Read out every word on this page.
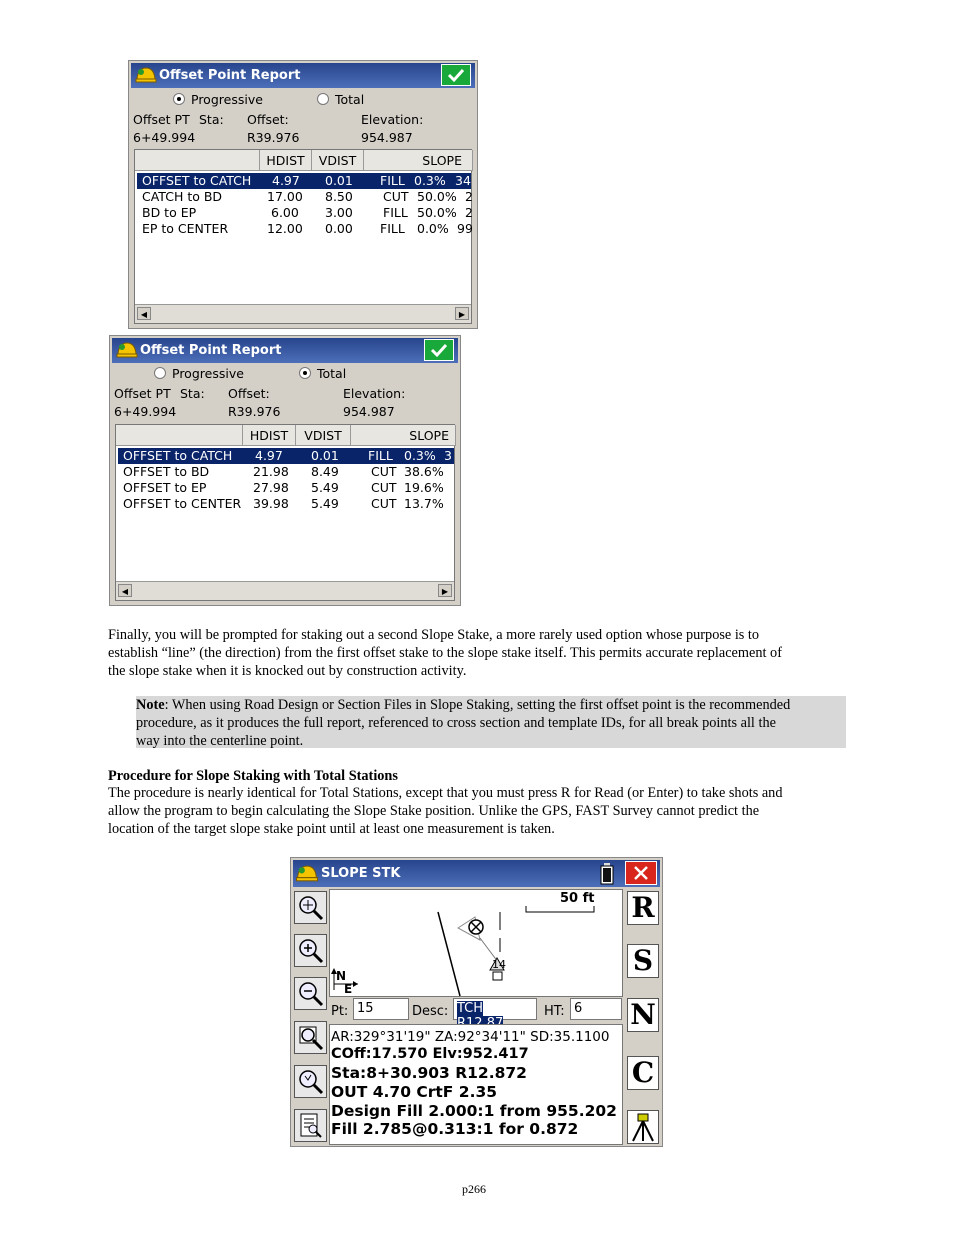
Offset Point Report
Progressive	Total
Offset PT Sta: Offset:	Elevation:
6+49.994	R39.976	954.987
HDIST	VDIST	SLOPE
OFFSET to CATCH 4.97 0.01 FILL 0.3% 34
CATCH to BD	17.00 8.50 CUT 50.0% 2
BD to EP	6.00 3.00 FILL 50.0% 2
EP to CENTER	12.00 0.00 FILL 0.0% 99
◀	▶
Offset Point Report
Progressive	Total
Offset PT Sta: Offset:	Elevation:
6+49.994	R39.976	954.987
HDIST	VDIST	SLOPE
OFFSET to CATCH 4.97 0.01 FILL 0.3% 3
OFFSET to BD	21.98 8.49	CUT 38.6%
OFFSET to EP	27.98 5.49	CUT 19.6%
OFFSET to CENTER 39.98 5.49	CUT 13.7%
◀	▶

Finally, you will be prompted for staking out a second Slope Stake, a more rarely used option whose purpose is to
establish “line” (the direction) from the first offset stake to the slope stake itself. This permits accurate replacement of
the slope stake when it is knocked out by construction activity.

Note: When using Road Design or Section Files in Slope Staking, setting the first offset point is the recommended
procedure, as it produces the full report, referenced to cross section and template IDs, for all break points all the
way into the centerline point.

Procedure for Slope Staking with Total Stations

The procedure is nearly identical for Total Stations, except that you must press R for Read (or Enter) to take shots and
allow the program to begin calculating the Slope Stake position. Unlike the GPS, FAST Survey cannot predict the
location of the target slope stake point until at least one measurement is taken.

SLOPE STK
50 ft
14
N
E
Pt: 15	Desc: TCH	HT: 6
AR:329°31'19" ZA:92°34'11" SD:35.1100
COff:17.570 Elv:952.417
Sta:8+30.903 R12.872
OUT 4.70 CrtF 2.35
Design Fill 2.000:1 from 955.202
Fill 2.785@0.313:1 for 0.872
R
S
N
C

p266
